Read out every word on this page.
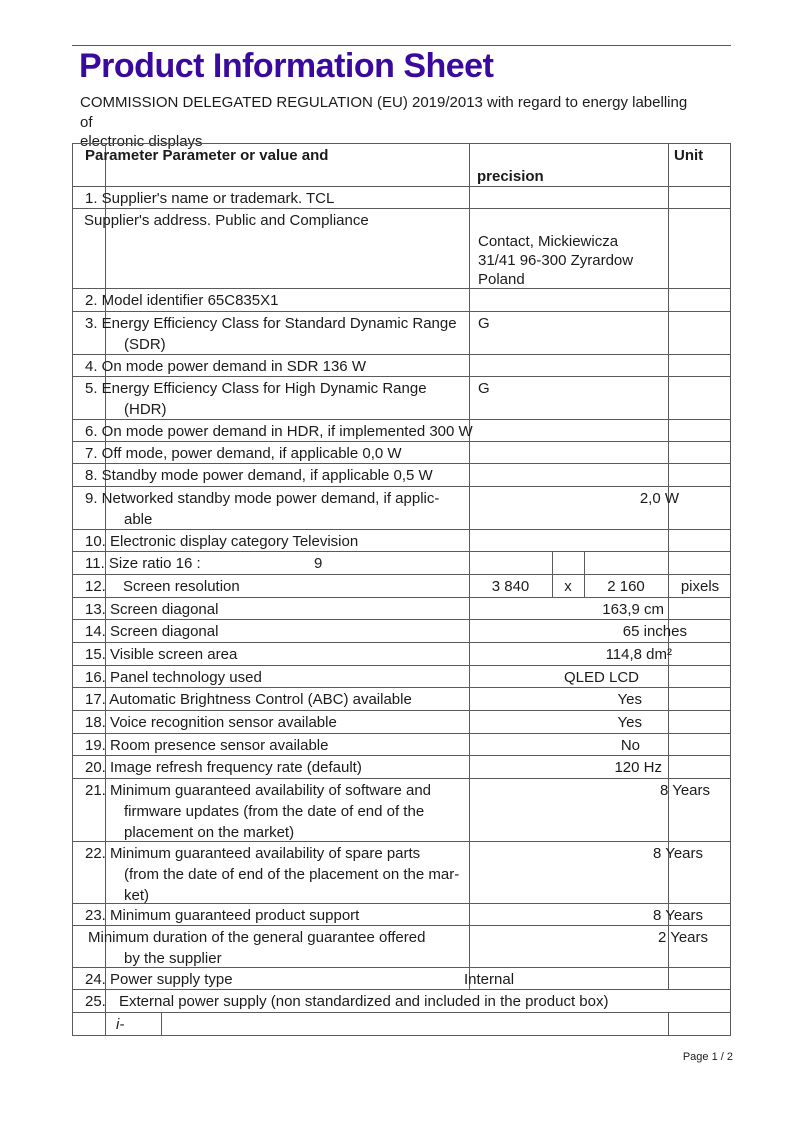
Product Information Sheet
COMMISSION DELEGATED REGULATION (EU) 2019/2013 with regard to energy labelling of
electronic displays
Parameter Parameter or value and
precision
Unit
1. Supplier's name or trademark. TCL
Supplier's address. Public and Compliance
Contact, Mickiewicza
31/41 96-300 Zyrardow
Poland
2. Model identifier 65C835X1
3. Energy Efficiency Class for Standard Dynamic Range
(SDR)
G
4. On mode power demand in SDR 136 W
5. Energy Efficiency Class for High Dynamic Range
(HDR)
G
6. On mode power demand in HDR, if implemented 300 W
7. Off mode, power demand, if applicable 0,0 W
8. Standby mode power demand, if applicable 0,5 W
9. Networked standby mode power demand, if applic-
able
2,0 W
10. Electronic display category Television
11. Size ratio 16 :	9
12. Screen resolution	3 840	x	2 160	pixels
13. Screen diagonal	163,9 cm
14. Screen diagonal	65 inches
15. Visible screen area	114,8 dm²
16. Panel technology used	QLED LCD
17. Automatic Brightness Control (ABC) available	Yes
18. Voice recognition sensor available	Yes
19. Room presence sensor available	No
20. Image refresh frequency rate (default)	120 Hz
21. Minimum guaranteed availability of software and
firmware updates (from the date of end of the
placement on the market)
8 Years
22. Minimum guaranteed availability of spare parts
(from the date of end of the placement on the mar-
ket)
8 Years
23. Minimum guaranteed product support	8 Years
Minimum duration of the general guarantee offered
by the supplier
2 Years
24. Power supply type	Internal
25. External power supply (non standardized and included in the product box)
i-
Page 1 / 2
